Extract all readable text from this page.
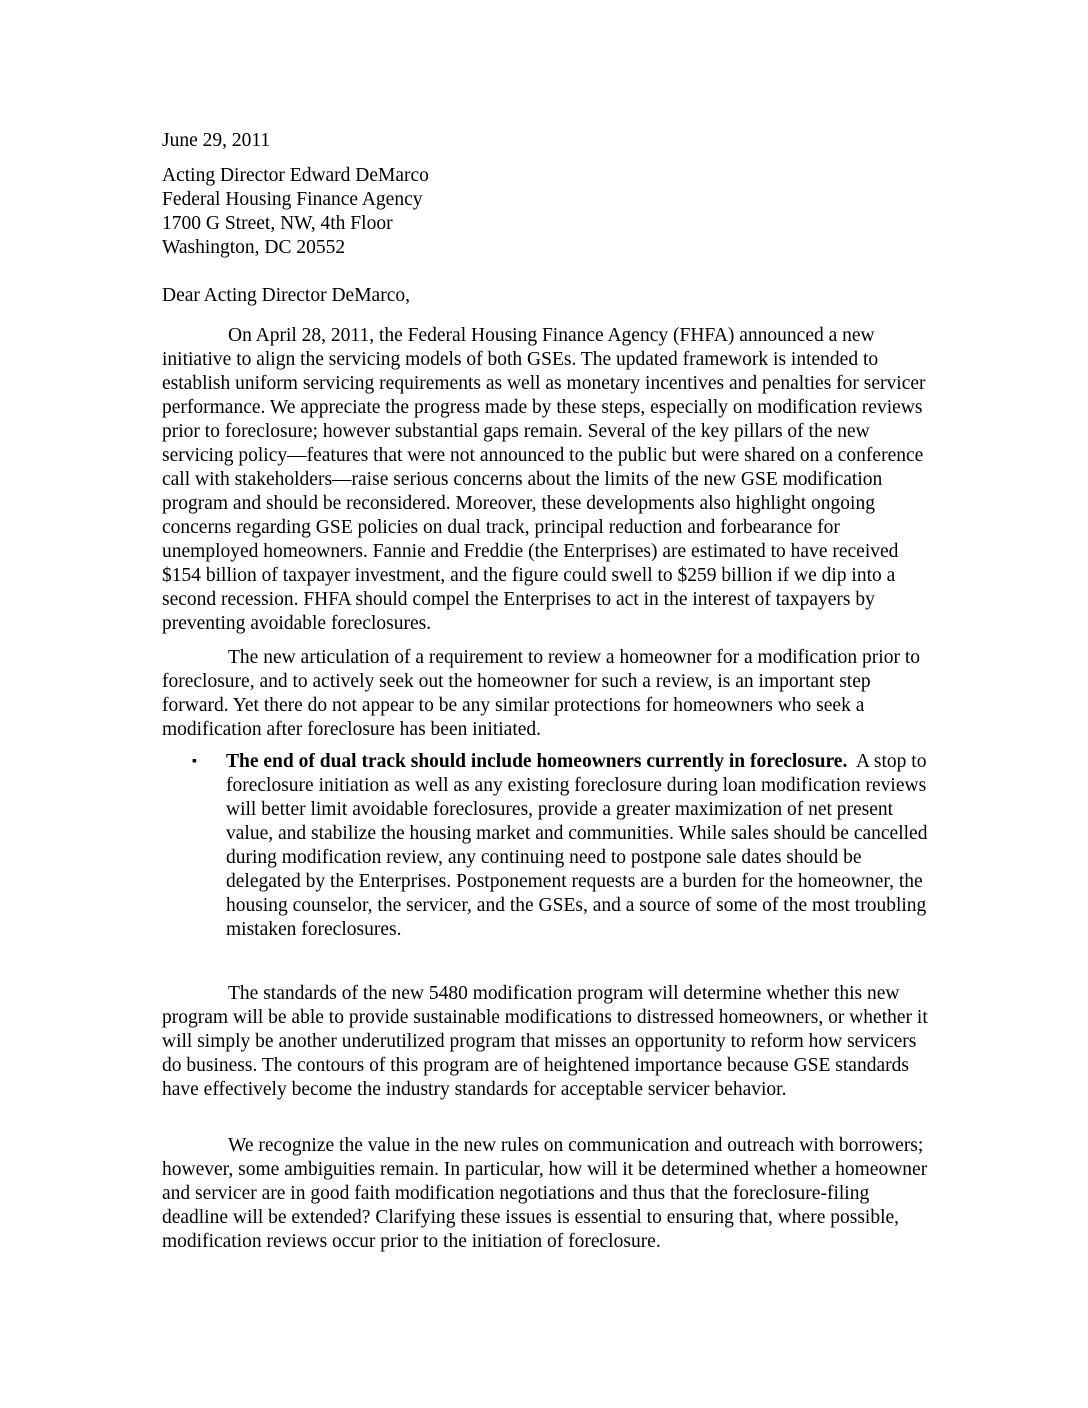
June 29, 2011
Acting Director Edward DeMarco
Federal Housing Finance Agency
1700 G Street, NW, 4th Floor
Washington, DC 20552
Dear Acting Director DeMarco,
On April 28, 2011, the Federal Housing Finance Agency (FHFA) announced a new initiative to align the servicing models of both GSEs. The updated framework is intended to establish uniform servicing requirements as well as monetary incentives and penalties for servicer performance. We appreciate the progress made by these steps, especially on modification reviews prior to foreclosure; however substantial gaps remain. Several of the key pillars of the new servicing policy—features that were not announced to the public but were shared on a conference call with stakeholders—raise serious concerns about the limits of the new GSE modification program and should be reconsidered. Moreover, these developments also highlight ongoing concerns regarding GSE policies on dual track, principal reduction and forbearance for unemployed homeowners. Fannie and Freddie (the Enterprises) are estimated to have received $154 billion of taxpayer investment, and the figure could swell to $259 billion if we dip into a second recession. FHFA should compel the Enterprises to act in the interest of taxpayers by preventing avoidable foreclosures.
The new articulation of a requirement to review a homeowner for a modification prior to foreclosure, and to actively seek out the homeowner for such a review, is an important step forward. Yet there do not appear to be any similar protections for homeowners who seek a modification after foreclosure has been initiated.
▪ The end of dual track should include homeowners currently in foreclosure. A stop to foreclosure initiation as well as any existing foreclosure during loan modification reviews will better limit avoidable foreclosures, provide a greater maximization of net present value, and stabilize the housing market and communities. While sales should be cancelled during modification review, any continuing need to postpone sale dates should be delegated by the Enterprises. Postponement requests are a burden for the homeowner, the housing counselor, the servicer, and the GSEs, and a source of some of the most troubling mistaken foreclosures.
The standards of the new 5480 modification program will determine whether this new program will be able to provide sustainable modifications to distressed homeowners, or whether it will simply be another underutilized program that misses an opportunity to reform how servicers do business. The contours of this program are of heightened importance because GSE standards have effectively become the industry standards for acceptable servicer behavior.
We recognize the value in the new rules on communication and outreach with borrowers; however, some ambiguities remain. In particular, how will it be determined whether a homeowner and servicer are in good faith modification negotiations and thus that the foreclosure-filing deadline will be extended? Clarifying these issues is essential to ensuring that, where possible, modification reviews occur prior to the initiation of foreclosure.
